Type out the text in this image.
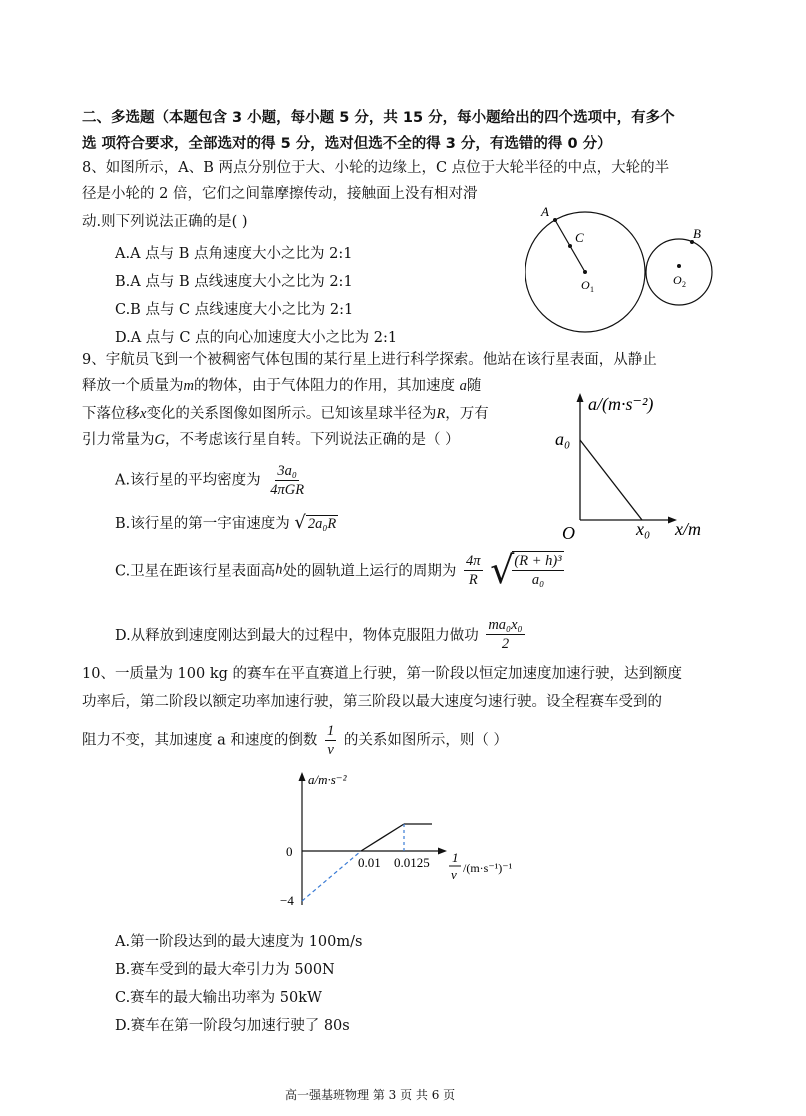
二、多选题（本题包含 3 小题，每小题 5 分，共 15 分，每小题给出的四个选项中，有多个
选 项符合要求，全部选对的得 5 分，选对但选不全的得 3 分，有选错的得 0 分）
8、如图所示，A、B 两点分别位于大、小轮的边缘上，C 点位于大轮半径的中点，大轮的半
径是小轮的 2 倍，它们之间靠摩擦传动，接触面上没有相对滑
动.则下列说法正确的是( )
A.A 点与 B 点角速度大小之比为 2:1
B.A 点与 B 点线速度大小之比为 2:1
C.B 点与 C 点线速度大小之比为 2:1
D.A 点与 C 点的向心加速度大小之比为 2:1
A
C	B
O 1
O 2
9、宇航员飞到一个被稠密气体包围的某行星上进行科学探索。他站在该行星表面，从静止
释放一个质量为m的物体，由于气体阻力的作用，其加速度 a随
下落位移x变化的关系图像如图所示。已知该星球半径为R，万有
引力常量为G，不考虑该行星自转。下列说法正确的是（ ）
A.该行星的平均密度为 $\frac{\text{3a₀}}{\text{4πGR}}$
B.该行星的第一宇宙速度为 √ 2a₀R
C.卫星在距该行星表面高h处的圆轨道上运行的周期为 $\frac{4\pi}{R}$ √
$\frac{\text{(R + h)³}}{\text{a₀}}$
D.从释放到速度刚达到最大的过程中，物体克服阻力做功 $\frac{\text{ma₀x₀}}{2}$
a/(m·s⁻²)
a₀
O	x₀ x/m
10、一质量为 100 kg 的赛车在平直赛道上行驶，第一阶段以恒定加速度加速行驶，达到额度
功率后，第二阶段以额定功率加速行驶，第三阶段以最大速度匀速行驶。设全程赛车受到的
阻力不变，其加速度 a 和速度的倒数 $\frac{1}{v}$ 的关系如图所示，则（ ）
a/m·s⁻²
0
−4
0.01 0.0125 1
v /(m·s⁻¹)⁻¹
A.第一阶段达到的最大速度为 100m/s
B.赛车受到的最大牵引力为 500N
C.赛车的最大输出功率为 50kW
D.赛车在第一阶段匀加速行驶了 80s
高一强基班物理 第 3 页 共 6 页
